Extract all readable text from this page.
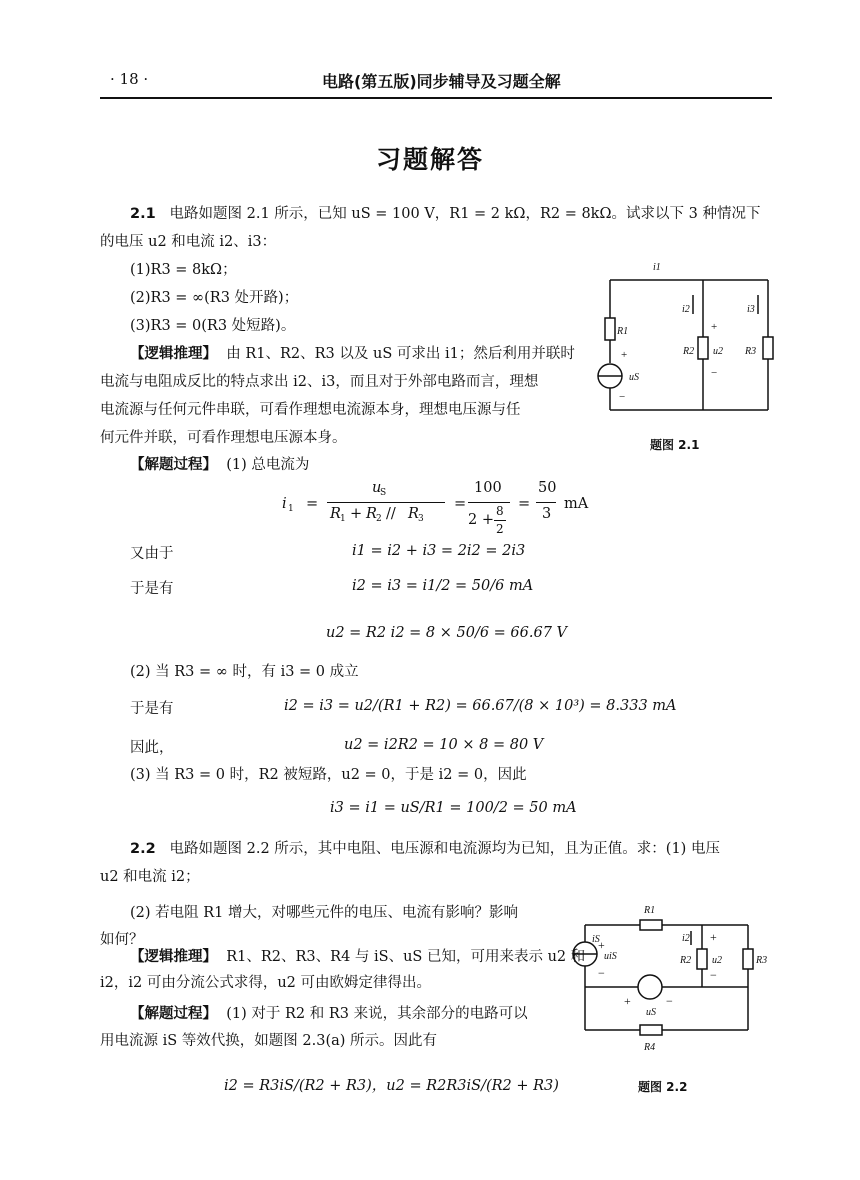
· 18 ·	电路(第五版)同步辅导及习题全解
习题解答
2.1 电路如题图 2.1 所示，已知 uS = 100 V，R1 = 2 kΩ，R2 = 8kΩ。试求以下 3 种情况下
的电压 u2 和电流 i2、i3：
(1)R3 = 8kΩ；
(2)R3 = ∞(R3 处开路)；
(3)R3 = 0(R3 处短路)。
【逻辑推理】 由 R1、R2、R3 以及 uS 可求出 i1；然后利用并联时
电流与电阻成反比的特点求出 i2、i3，而且对于外部电路而言，理想
电流源与任何元件串联，可看作理想电流源本身，理想电压源与任
何元件并联，可看作理想电压源本身。
【解题过程】 (1) 总电流为
i1
i2	i3
R1
R2 u2 R3
uS
+
+
−
−
题图 2.1
i 1 =
u
S
R 1 + R 2 // R 3
=
100
2 +
8
2
=
50
3
mA
又由于	i1 = i2 + i3 = 2i2 = 2i3
于是有	i2 = i3 = i1/2 = 50/6 mA
u2 = R2 i2 = 8 × 50/6 = 66.67 V
(2) 当 R3 = ∞ 时，有 i3 = 0 成立
于是有	i2 = i3 = u2/(R1 + R2) = 66.67/(8 × 10³) = 8.333 mA
因此，	u2 = i2R2 = 10 × 8 = 80 V
(3) 当 R3 = 0 时，R2 被短路，u2 = 0，于是 i2 = 0，因此
i3 = i1 = uS/R1 = 100/2 = 50 mA
2.2 电路如题图 2.2 所示，其中电阻、电压源和电流源均为已知，且为正值。求：(1) 电压
u2 和电流 i2；
(2) 若电阻 R1 增大，对哪些元件的电压、电流有影响？影响
如何？
【逻辑推理】 R1、R2、R3、R4 与 iS、uS 已知，可用来表示 u2 和
i2，i2 可由分流公式求得，u2 可由欧姆定律得出。
【解题过程】 (1) 对于 R2 和 R3 来说，其余部分的电路可以
用电流源 iS 等效代换，如题图 2.3(a) 所示。因此有
i2 = R3iS/(R2 + R3)，u2 = R2R3iS/(R2 + R3)
R1
iS
uiS
i2
R2 u2	R3
uS
R4
+
−
+
−
+	−
题图 2.2
